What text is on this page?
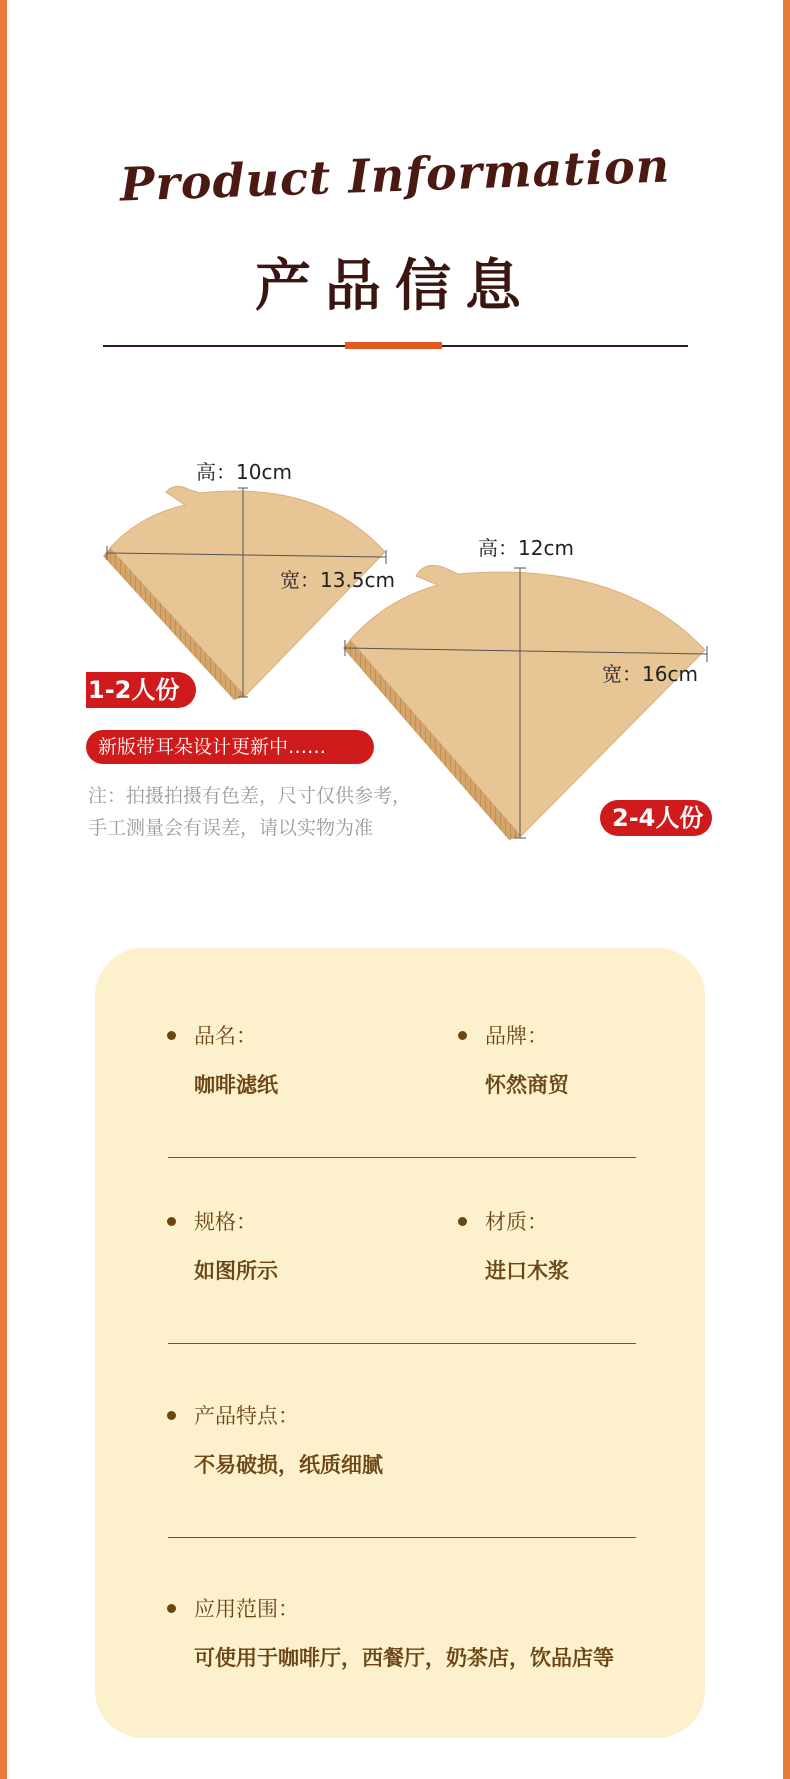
Product Information
产品信息
高：10cm
宽：13.5cm
高：12cm
宽：16cm
1-2人份
2-4人份
新版带耳朵设计更新中……
注：拍摄拍摄有色差，尺寸仅供参考，
手工测量会有误差，请以实物为准
品名：
咖啡滤纸
品牌：
怀然商贸
规格：
如图所示
材质：
进口木浆
产品特点：
不易破损，纸质细腻
应用范围：
可使用于咖啡厅，西餐厅，奶茶店，饮品店等
